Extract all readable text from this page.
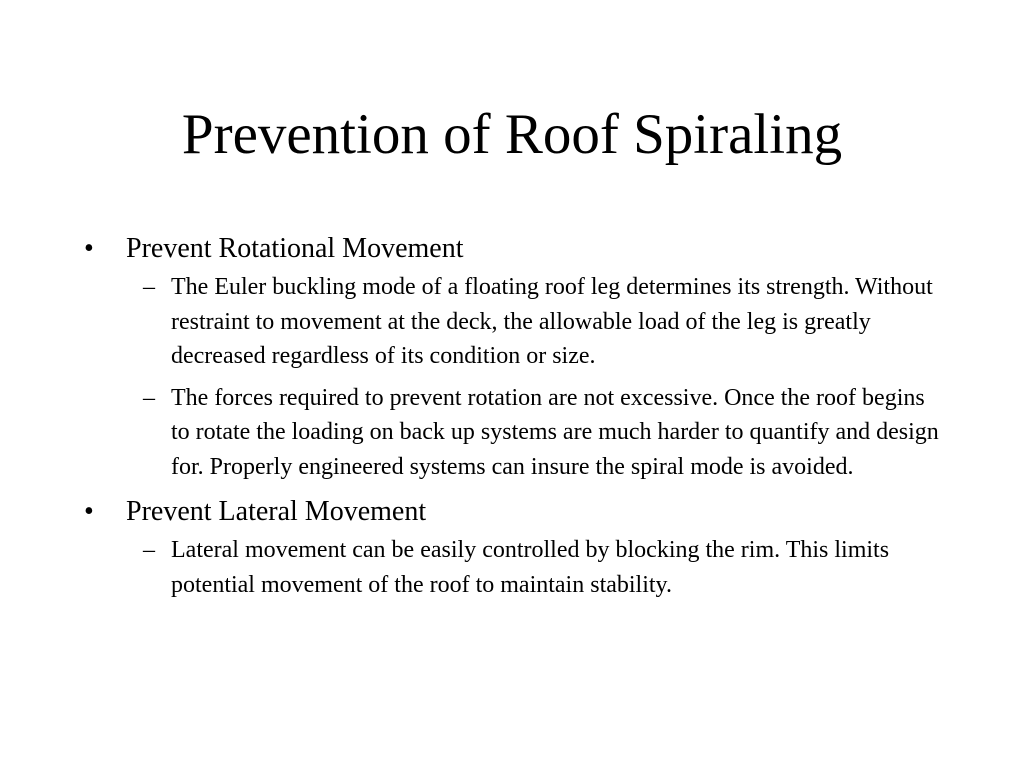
Prevention of Roof Spiraling
•	Prevent Rotational Movement
– The Euler buckling mode of a floating roof leg determines its strength. Without restraint to movement at the deck, the allowable load of the leg is greatly decreased regardless of its condition or size.
– The forces required to prevent rotation are not excessive. Once the roof begins to rotate the loading on back up systems are much harder to quantify and design for. Properly engineered systems can insure the spiral mode is avoided.
•	Prevent Lateral Movement
– Lateral movement can be easily controlled by blocking the rim. This limits potential movement of the roof to maintain stability.
